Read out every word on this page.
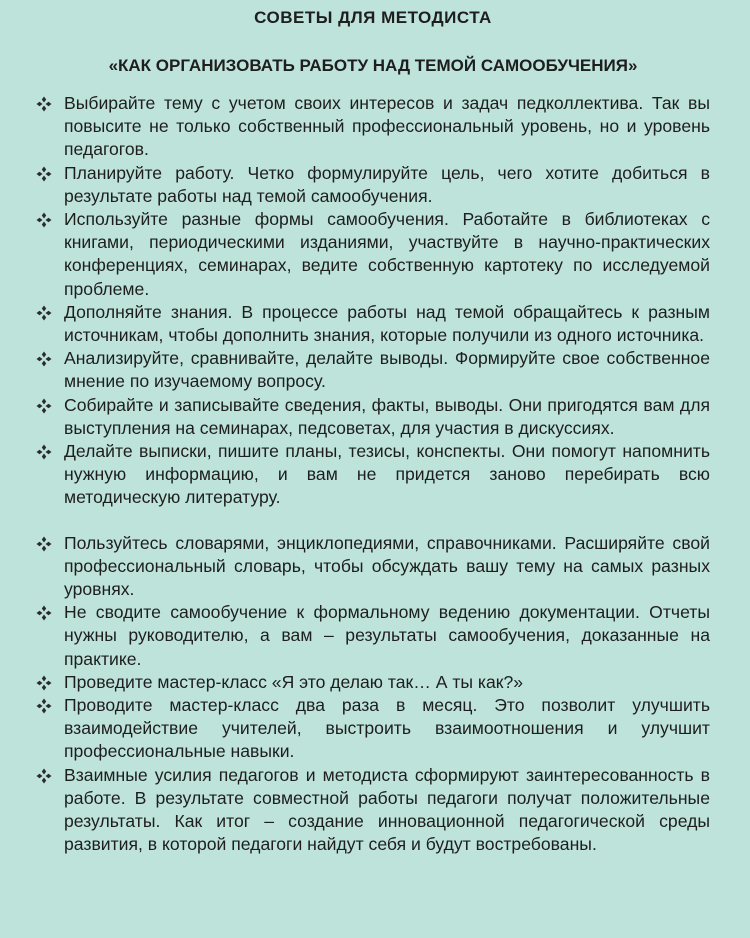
СОВЕТЫ ДЛЯ МЕТОДИСТА
«КАК ОРГАНИЗОВАТЬ РАБОТУ НАД ТЕМОЙ САМООБУЧЕНИЯ»
Выбирайте тему с учетом своих интересов и задач педколлектива. Так вы повысите не только собственный профессиональный уровень, но и уровень педагогов.
Планируйте работу. Четко формулируйте цель, чего хотите добиться в результате работы над темой самообучения.
Используйте разные формы самообучения. Работайте в библиотеках с книгами, периодическими изданиями, участвуйте в научно-практических конференциях, семинарах, ведите собственную картотеку по исследуемой проблеме.
Дополняйте знания. В процессе работы над темой обращайтесь к разным источникам, чтобы дополнить знания, которые получили из одного источника.
Анализируйте, сравнивайте, делайте выводы. Формируйте свое собственное мнение по изучаемому вопросу.
Собирайте и записывайте сведения, факты, выводы. Они пригодятся вам для выступления на семинарах, педсоветах, для участия в дискуссиях.
Делайте выписки, пишите планы, тезисы, конспекты. Они помогут напомнить нужную информацию, и вам не придется заново перебирать всю методическую литературу.
Пользуйтесь словарями, энциклопедиями, справочниками. Расширяйте свой профессиональный словарь, чтобы обсуждать вашу тему на самых разных уровнях.
Не сводите самообучение к формальному ведению документации. Отчеты нужны руководителю, а вам – результаты самообучения, доказанные на практике.
Проведите мастер-класс «Я это делаю так… А ты как?»
Проводите мастер-класс два раза в месяц. Это позволит улучшить взаимодействие учителей, выстроить взаимоотношения и улучшит профессиональные навыки.
Взаимные усилия педагогов и методиста сформируют заинтересованность в работе. В результате совместной работы педагоги получат положительные результаты. Как итог – создание инновационной педагогической среды развития, в которой педагоги найдут себя и будут востребованы.
